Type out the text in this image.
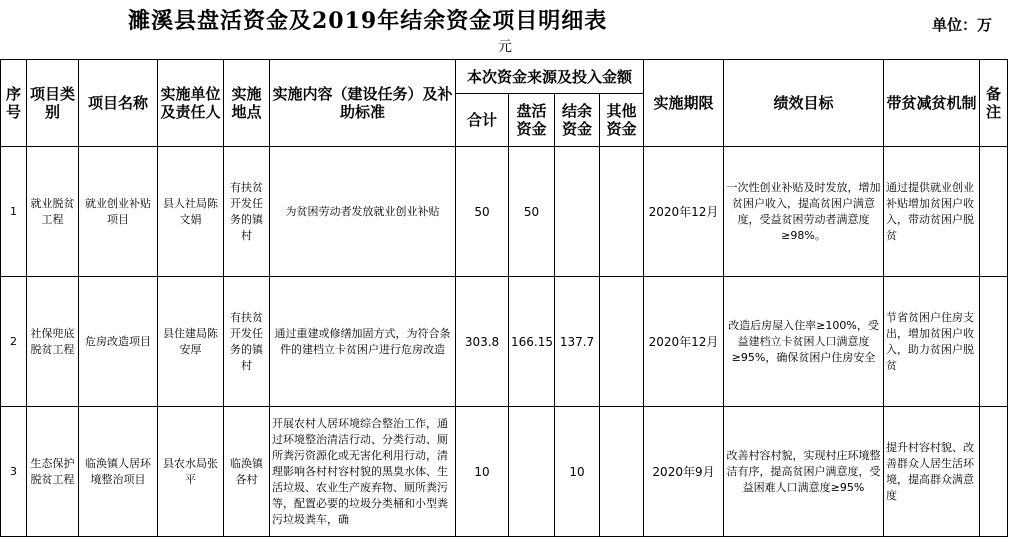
濉溪县盘活资金及2019年结余资金项目明细表	单位：万
元
序号	项目类别	项目名称	实施单位及责任人	实施地点	实施内容（建设任务）及补助标准	本次资金来源及投入金额				实施期限	绩效目标	带贫减贫机制	备注
						合计	盘活资金	结余资金	其他资金				
1	就业脱贫工程	就业创业补贴项目	县人社局陈文娟	有扶贫开发任务的镇村	为贫困劳动者发放就业创业补贴	50	50			2020年12月	一次性创业补贴及时发放，增加贫困户收入，提高贫困户满意度，受益贫困劳动者满意度≥98%。	通过提供就业创业补贴增加贫困户收入，带动贫困户脱贫	
2	社保兜底脱贫工程	危房改造项目	县住建局陈安厚	有扶贫开发任务的镇村	通过重建或修缮加固方式，为符合条件的建档立卡贫困户进行危房改造	303.8	166.15	137.7		2020年12月	改造后房屋入住率≥100%，受益建档立卡贫困人口满意度≥95%，确保贫困户住房安全	节省贫困户住房支出，增加贫困户收入，助力贫困户脱贫	
3	生态保护脱贫工程	临涣镇人居环境整治项目	县农水局张平	临涣镇各村	开展农村人居环境综合整治工作，通过环境整治清洁行动、分类行动、厕所粪污资源化或无害化利用行动，清理影响各村村容村貌的黑臭水体、生活垃圾、农业生产废弃物、厕所粪污等，配置必要的垃圾分类桶和小型粪污垃圾粪车，确	10		10		2020年9月	改善村容村貌，实现村庄环境整洁有序，提高贫困户满意度，受益困难人口满意度≥95%	提升村容村貌、改善群众人居生活环境，提高群众满意度	
